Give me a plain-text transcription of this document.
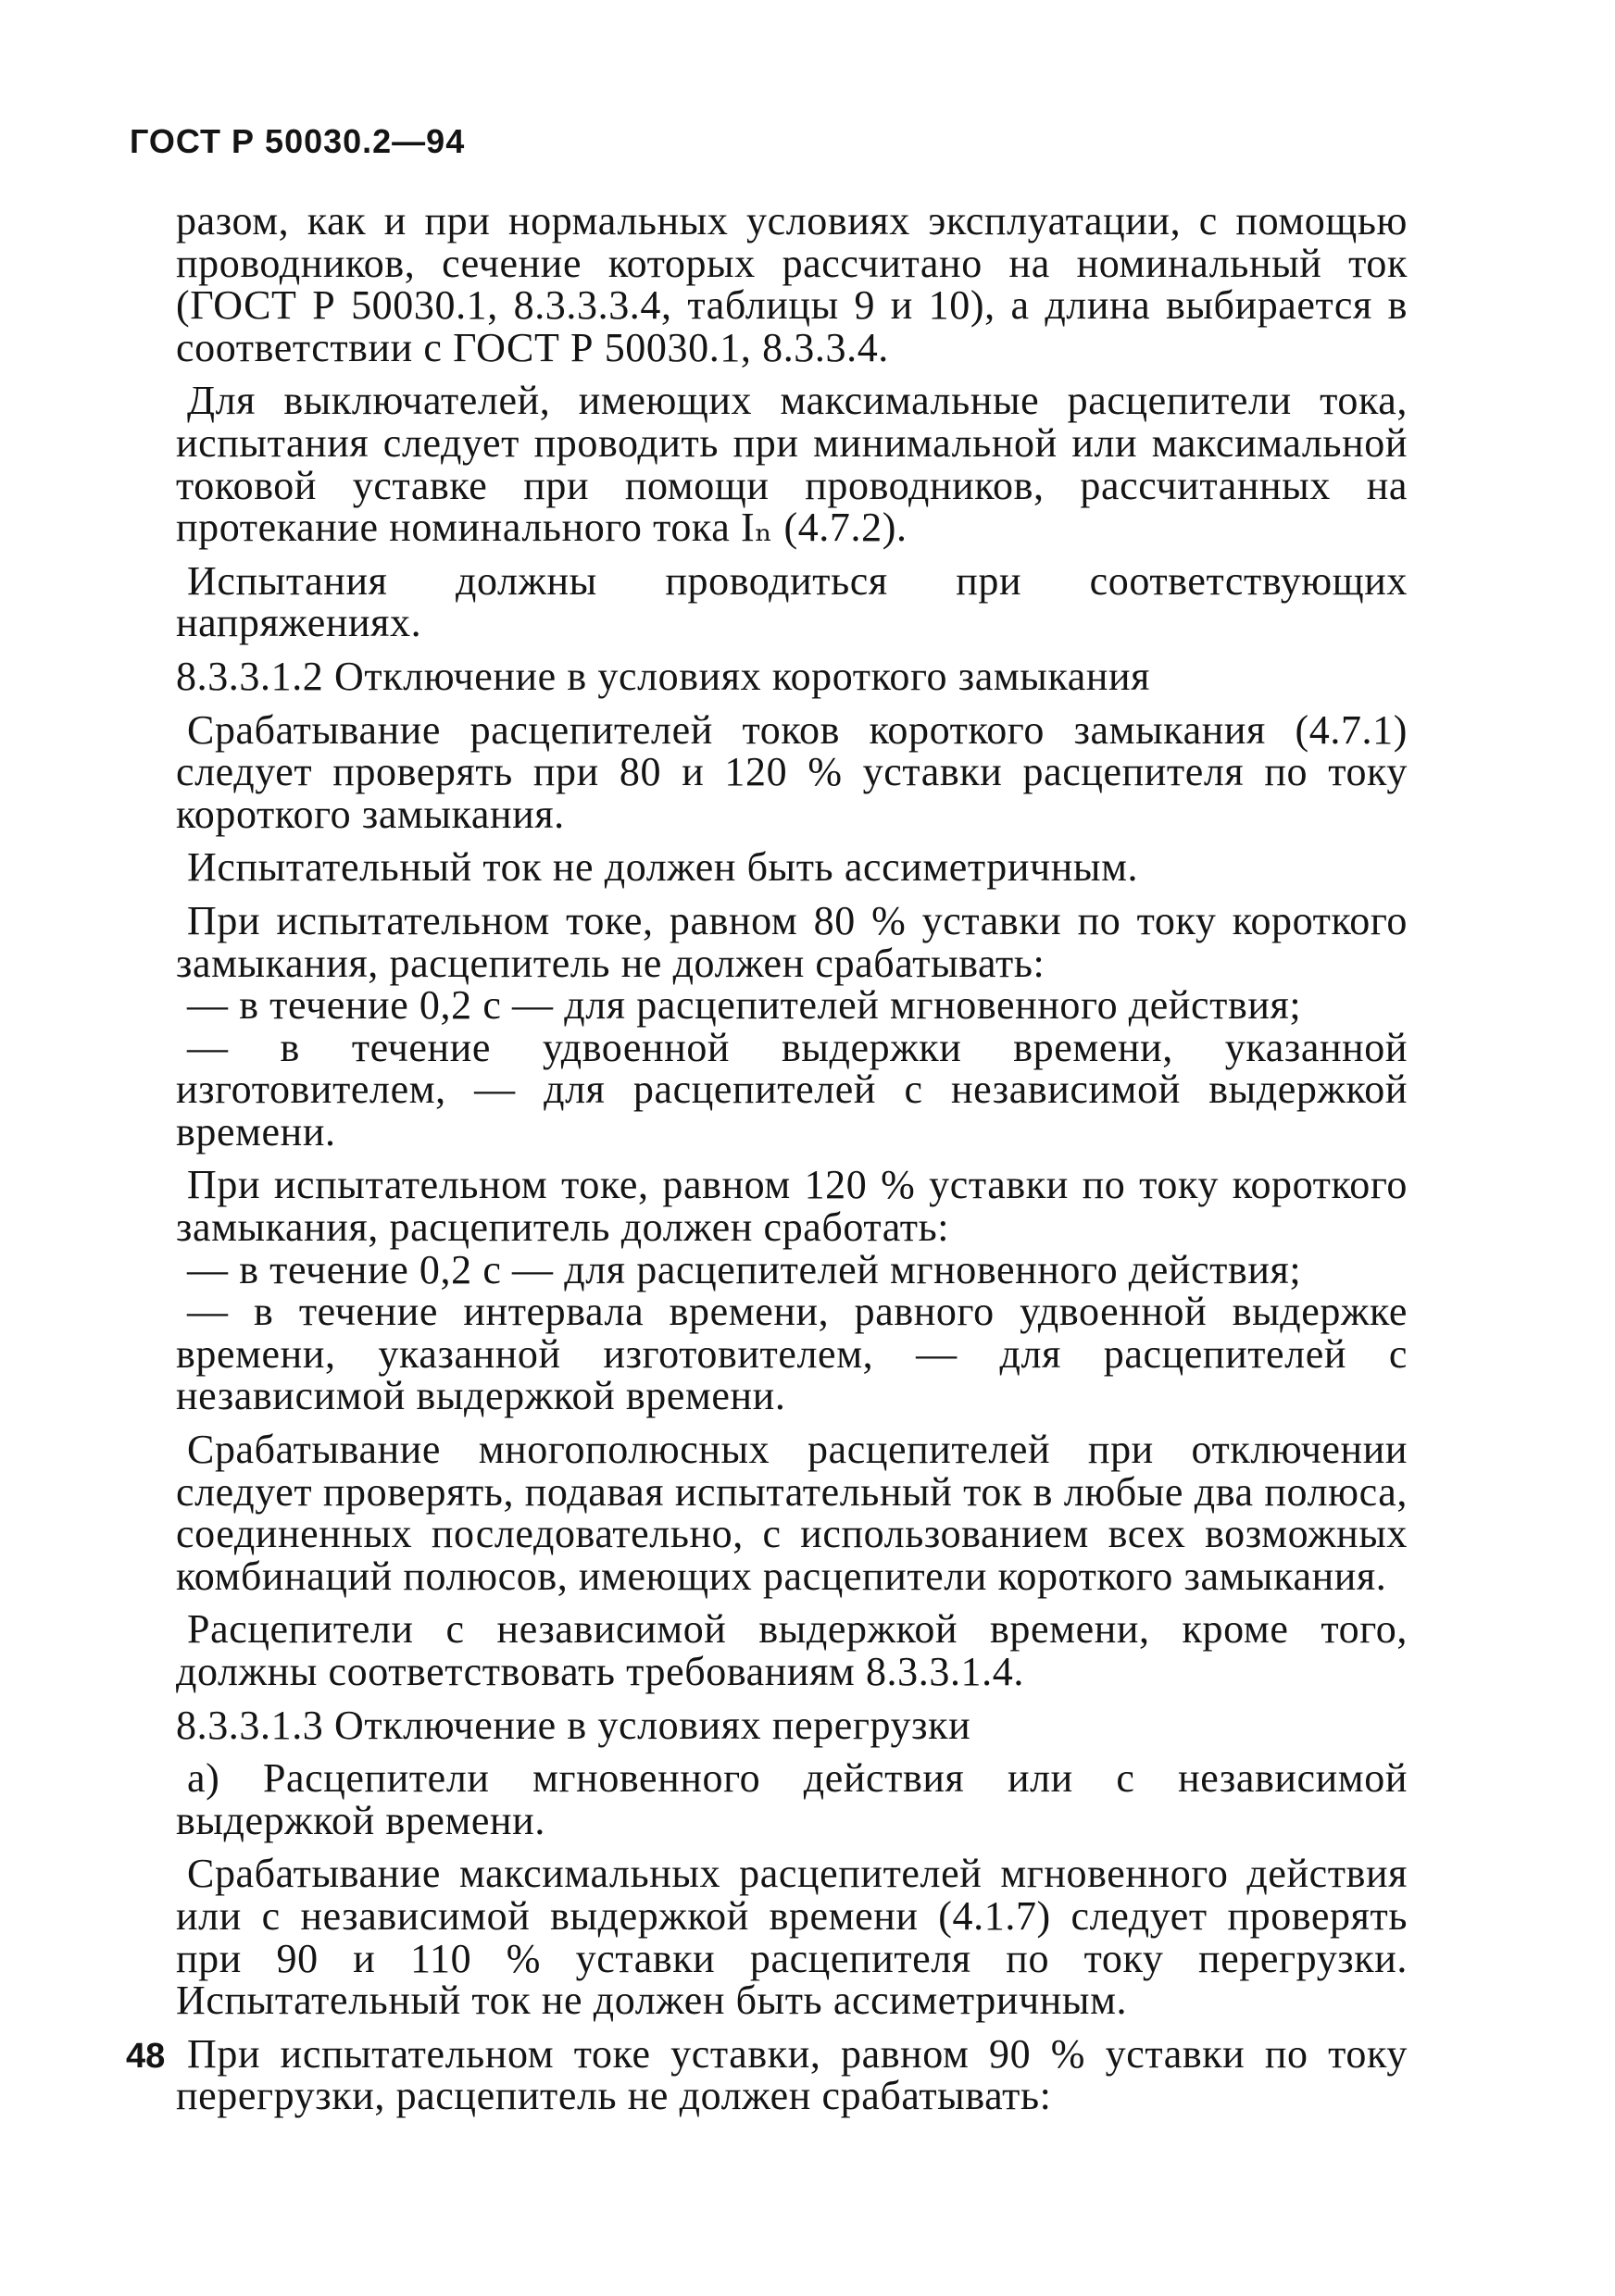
ГОСТ Р 50030.2—94

разом, как и при нормальных условиях эксплуатации, с помощью проводников, сечение которых рассчитано на номинальный ток (ГОСТ Р 50030.1, 8.3.3.3.4, таблицы 9 и 10), а длина выбирается в соответствии с ГОСТ Р 50030.1, 8.3.3.4.

Для выключателей, имеющих максимальные расцепители тока, испытания следует проводить при минимальной или максимальной токовой уставке при помощи проводников, рассчитанных на протекание номинального тока Iₙ (4.7.2).

Испытания должны проводиться при соответствующих напряжениях.

8.3.3.1.2 Отключение в условиях короткого замыкания

Срабатывание расцепителей токов короткого замыкания (4.7.1) следует проверять при 80 и 120 % уставки расцепителя по току короткого замыкания.

Испытательный ток не должен быть ассиметричным.

При испытательном токе, равном 80 % уставки по току короткого замыкания, расцепитель не должен срабатывать:

— в течение 0,2 с — для расцепителей мгновенного действия;

— в течение удвоенной выдержки времени, указанной изготовителем, — для расцепителей с независимой выдержкой времени.

При испытательном токе, равном 120 % уставки по току короткого замыкания, расцепитель должен сработать:

— в течение 0,2 с — для расцепителей мгновенного действия;

— в течение интервала времени, равного удвоенной выдержке времени, указанной изготовителем, — для расцепителей с независимой выдержкой времени.

Срабатывание многополюсных расцепителей при отключении следует проверять, подавая испытательный ток в любые два полюса, соединенных последовательно, с использованием всех возможных комбинаций полюсов, имеющих расцепители короткого замыкания.

Расцепители с независимой выдержкой времени, кроме того, должны соответствовать требованиям 8.3.3.1.4.

8.3.3.1.3 Отключение в условиях перегрузки

а) Расцепители мгновенного действия или с независимой выдержкой времени.

Срабатывание максимальных расцепителей мгновенного действия или с независимой выдержкой времени (4.1.7) следует проверять при 90 и 110 % уставки расцепителя по току перегрузки. Испытательный ток не должен быть ассиметричным.

При испытательном токе уставки, равном 90 % уставки по току перегрузки, расцепитель не должен срабатывать:

48
